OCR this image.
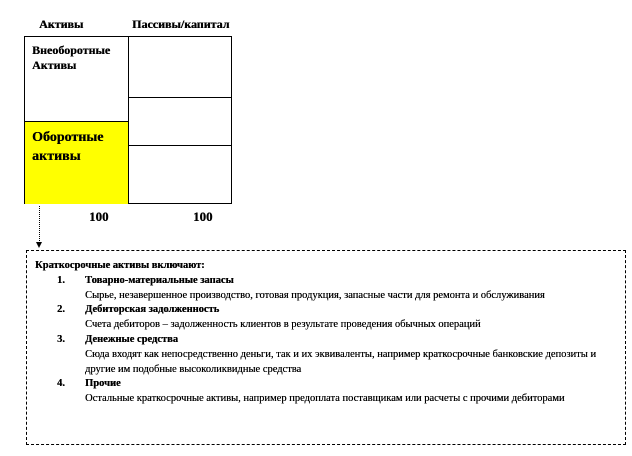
Активы	Пассивы/капитал
Внеоборотные Активы
Оборотные активы
100	100
Краткосрочные активы включают:
1. Товарно-материальные запасы
Сырье, незавершенное производство, готовая продукция, запасные части для ремонта и обслуживания
2. Дебиторская задолженность
Счета дебиторов – задолженность клиентов в результате проведения обычных операций
3. Денежные средства
Сюда входят как непосредственно деньги, так и их эквиваленты, например краткосрочные банковские депозиты и другие им подобные высоколиквидные средства
4. Прочие
Остальные краткосрочные активы, например предоплата поставщикам или расчеты с прочими дебиторами
